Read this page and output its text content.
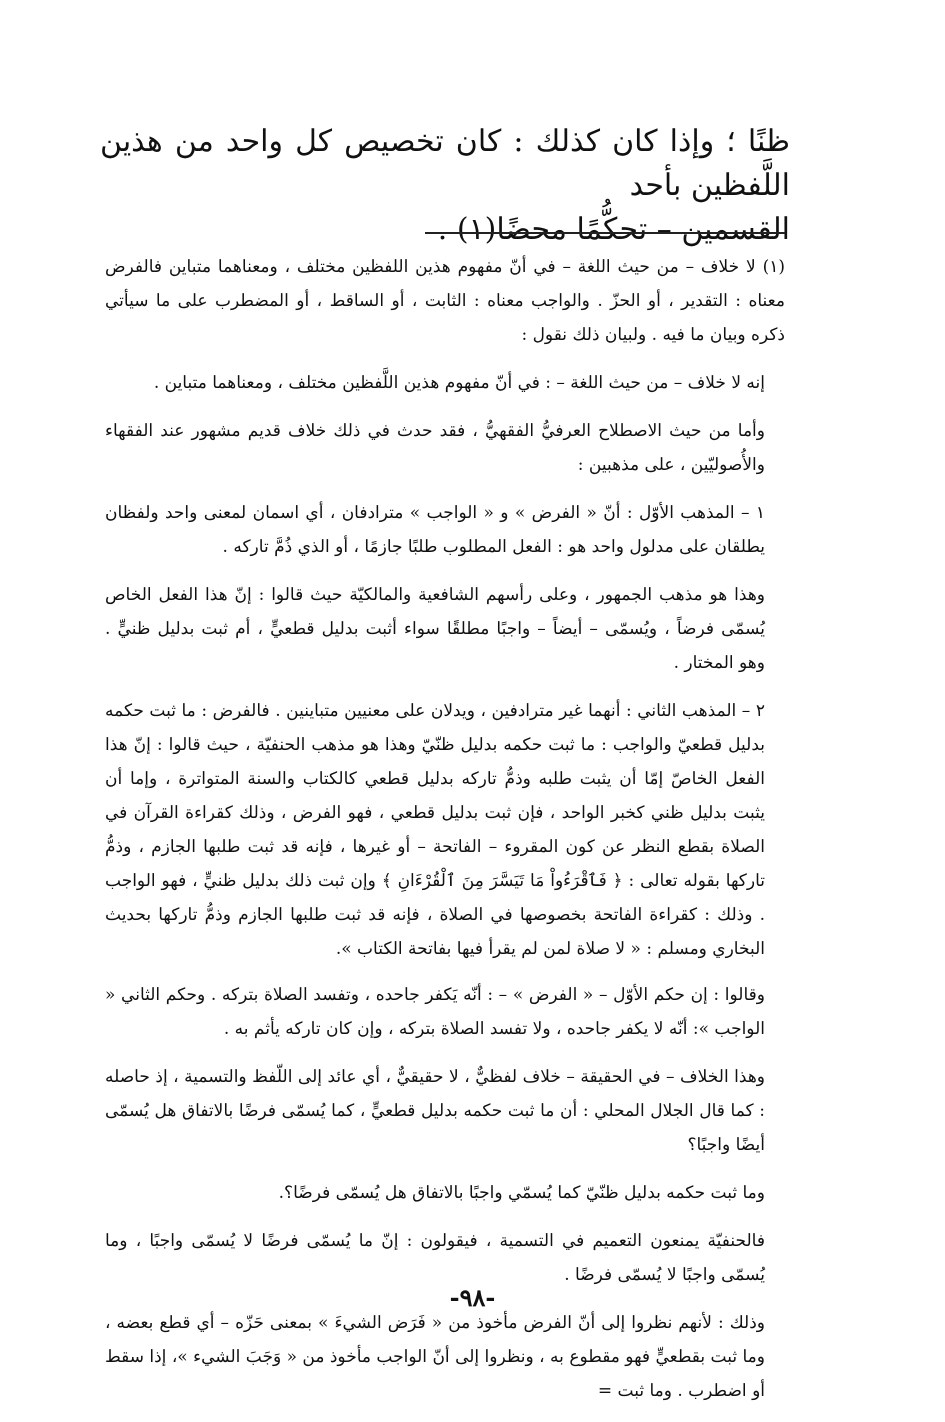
ظنًا ؛ وإذا كان كذلك : كان تخصيص كل واحد من هذين اللَّفظين بأحد
القسمين – تحكُّمًا محضًا(١) .

(١) لا خلاف – من حيث اللغة – في أنّ مفهوم هذين اللفظين مختلف ، ومعناهما متباين فالفرض معناه : التقدير ، أو الحزّ . والواجب معناه : الثابت ، أو الساقط ، أو المضطرب على ما سيأتي ذكره وبيان ما فيه . ولبيان ذلك نقول :

إنه لا خلاف – من حيث اللغة – : في أنّ مفهوم هذين اللَّفظين مختلف ، ومعناهما متباين .

وأما من حيث الاصطلاح العرفيُّ الفقهيُّ ، فقد حدث في ذلك خلاف قديم مشهور عند الفقهاء والأُصوليّين ، على مذهبين :

١ – المذهب الأوّل : أنّ « الفرض » و « الواجب » مترادفان ، أي اسمان لمعنى واحد ولفظان يطلقان على مدلول واحد هو : الفعل المطلوب طلبًا جازمًا ، أو الذي ذُمَّ تاركه .

وهذا هو مذهب الجمهور ، وعلى رأسهم الشافعية والمالكيّة حيث قالوا : إنّ هذا الفعل الخاص يُسمّى فرضاً ، ويُسمّى – أيضاً – واجبًا مطلقًا سواء أثبت بدليل قطعيٍّ ، أم ثبت بدليل ظنيٍّ . وهو المختار .

٢ – المذهب الثاني : أنهما غير مترادفين ، ويدلان على معنيين متباينين . فالفرض : ما ثبت حكمه بدليل قطعيّ والواجب : ما ثبت حكمه بدليل ظنّيّ وهذا هو مذهب الحنفيّة ، حيث قالوا : إنّ هذا الفعل الخاصّ إمّا أن يثبت طلبه وذمُّ تاركه بدليل قطعي كالكتاب والسنة المتواترة ، وإما أن يثبت بدليل ظني كخبر الواحد ، فإن ثبت بدليل قطعي ، فهو الفرض ، وذلك كقراءة القرآن في الصلاة بقطع النظر عن كون المقروء – الفاتحة – أو غيرها ، فإنه قد ثبت طلبها الجازم ، وذمُّ تاركها بقوله تعالى : ﴿ فَٱقْرَءُواْ مَا تَيَسَّرَ مِنَ ٱلْقُرْءَانِ ﴾ وإن ثبت ذلك بدليل ظنيٍّ ، فهو الواجب . وذلك : كقراءة الفاتحة بخصوصها في الصلاة ، فإنه قد ثبت طلبها الجازم وذمُّ تاركها بحديث البخاري ومسلم : « لا صلاة لمن لم يقرأ فيها بفاتحة الكتاب ».

وقالوا : إن حكم الأوّل – « الفرض » – : أنّه يَكفر جاحده ، وتفسد الصلاة بتركه . وحكم الثاني « الواجب »: أنّه لا يكفر جاحده ، ولا تفسد الصلاة بتركه ، وإن كان تاركه يأثم به .

وهذا الخلاف – في الحقيقة – خلاف لفظيٌّ ، لا حقيقيٌّ ، أي عائد إلى اللّفظ والتسمية ، إذ حاصله : كما قال الجلال المحلي : أن ما ثبت حكمه بدليل قطعيٍّ ، كما يُسمّى فرضًا بالاتفاق هل يُسمّى أيضًا واجبًا؟

وما ثبت حكمه بدليل ظنّيّ كما يُسمّي واجبًا بالاتفاق هل يُسمّى فرضًا؟.

فالحنفيّة يمنعون التعميم في التسمية ، فيقولون : إنّ ما يُسمّى فرضًا لا يُسمّى واجبًا ، وما يُسمّى واجبًا لا يُسمّى فرضًا .

وذلك : لأنهم نظروا إلى أنّ الفرض مأخوذ من « فَرَض الشيءَ » بمعنى حَزّه – أي قطع بعضه ، وما ثبت بقطعيٍّ فهو مقطوع به ، ونظروا إلى أنّ الواجب مأخوذ من « وَجَبَ الشيء »، إذا سقط أو اضطرب . وما ثبت =

-٩٨-
